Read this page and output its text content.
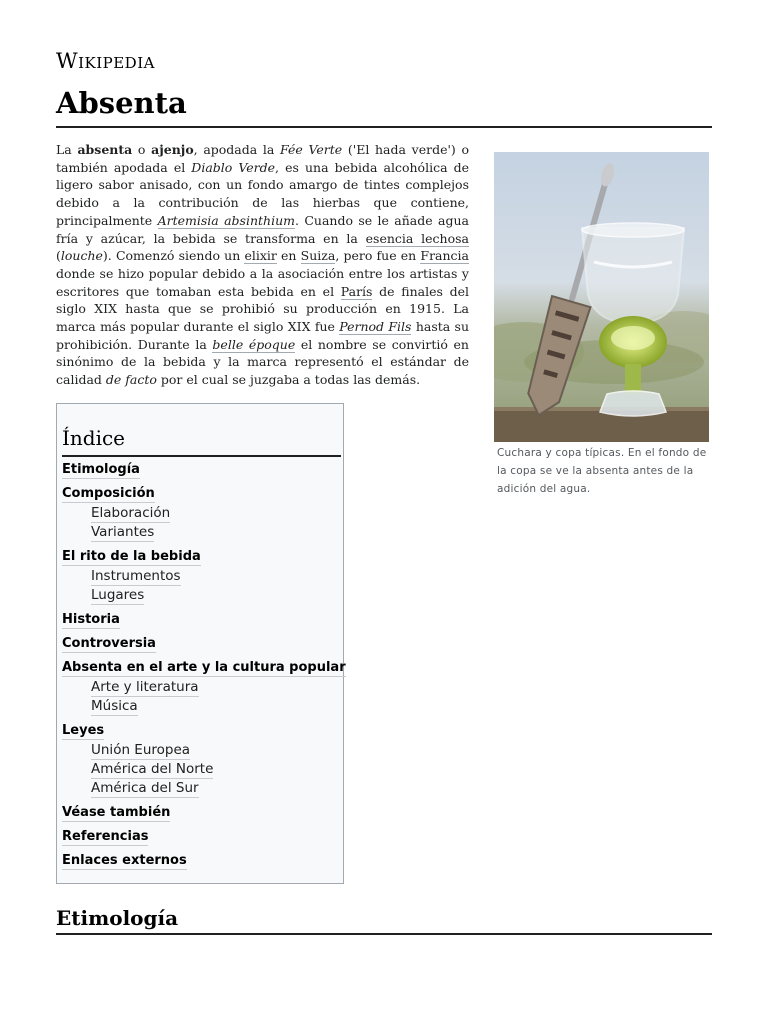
Wikipedia
Absenta

La absenta o ajenjo, apodada la Fée Verte ('El hada verde') o también apodada el Diablo Verde, es una bebida alcohólica de ligero sabor anisado, con un fondo amargo de tintes complejos debido a la contribución de las hierbas que contiene, principalmente Artemisia absinthium. Cuando se le añade agua fría y azúcar, la bebida se transforma en la esencia lechosa (louche). Comenzó siendo un elixir en Suiza, pero fue en Francia donde se hizo popular debido a la asociación entre los artistas y escritores que tomaban esta bebida en el París de finales del siglo XIX hasta que se prohibió su producción en 1915. La marca más popular durante el siglo XIX fue Pernod Fils hasta su prohibición. Durante la belle époque el nombre se convirtió en sinónimo de la bebida y la marca representó el estándar de calidad de facto por el cual se juzgaba a todas las demás.

Cuchara y copa típicas. En el fondo de la copa se ve la absenta antes de la adición del agua.
Índice
Etimología
Composición
Elaboración
Variantes
El rito de la bebida
Instrumentos
Lugares
Historia
Controversia
Absenta en el arte y la cultura popular
Arte y literatura
Música
Leyes
Unión Europea
América del Norte
América del Sur
Véase también
Referencias
Enlaces externos
Etimología
